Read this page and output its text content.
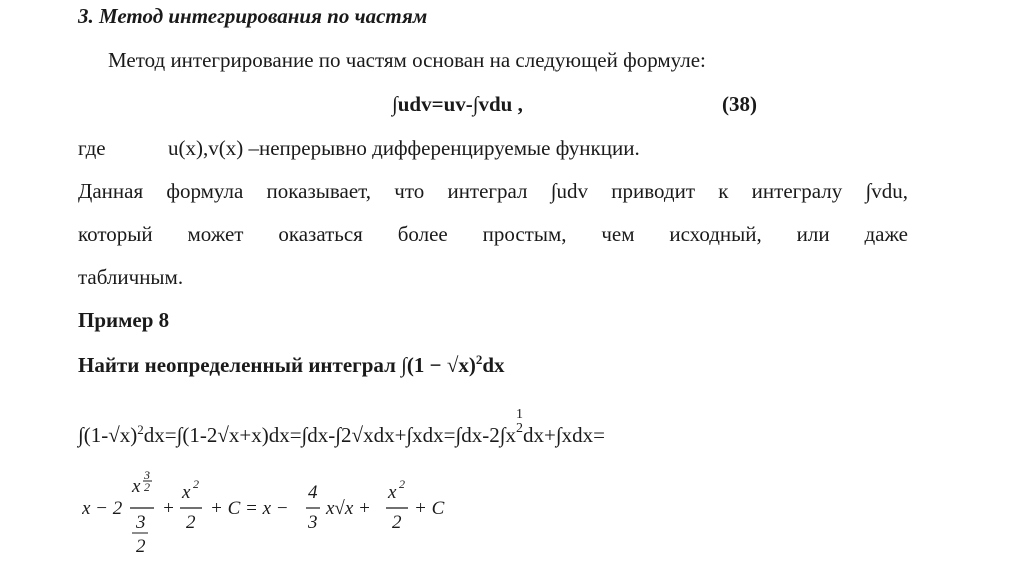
3. Метод интегрирования по частям
Метод интегрирование по частям основан на следующей формуле:
∫udv=uv-∫vdu ,	(38)
где	u(x),v(x) –непрерывно дифференцируемые функции.
Данная формула показывает, что интеграл ∫udv приводит к интегралу ∫vdu,
который может оказаться более простым, чем исходный, или даже
табличным.
Пример 8
Найти неопределенный интеграл $\int(1 - √x)^2dx$
$\int(1-√x)^2dx=\int(1-2√x+x)dx=\int dx-\int 2√xdx+\int xdx=\int dx-2\int x$
1
2 dx+∫xdx=
x − 2
x
3
2
3
2
+
x 2
2
+ C = x −
4
3
x√x +
x 2
2
+ C
